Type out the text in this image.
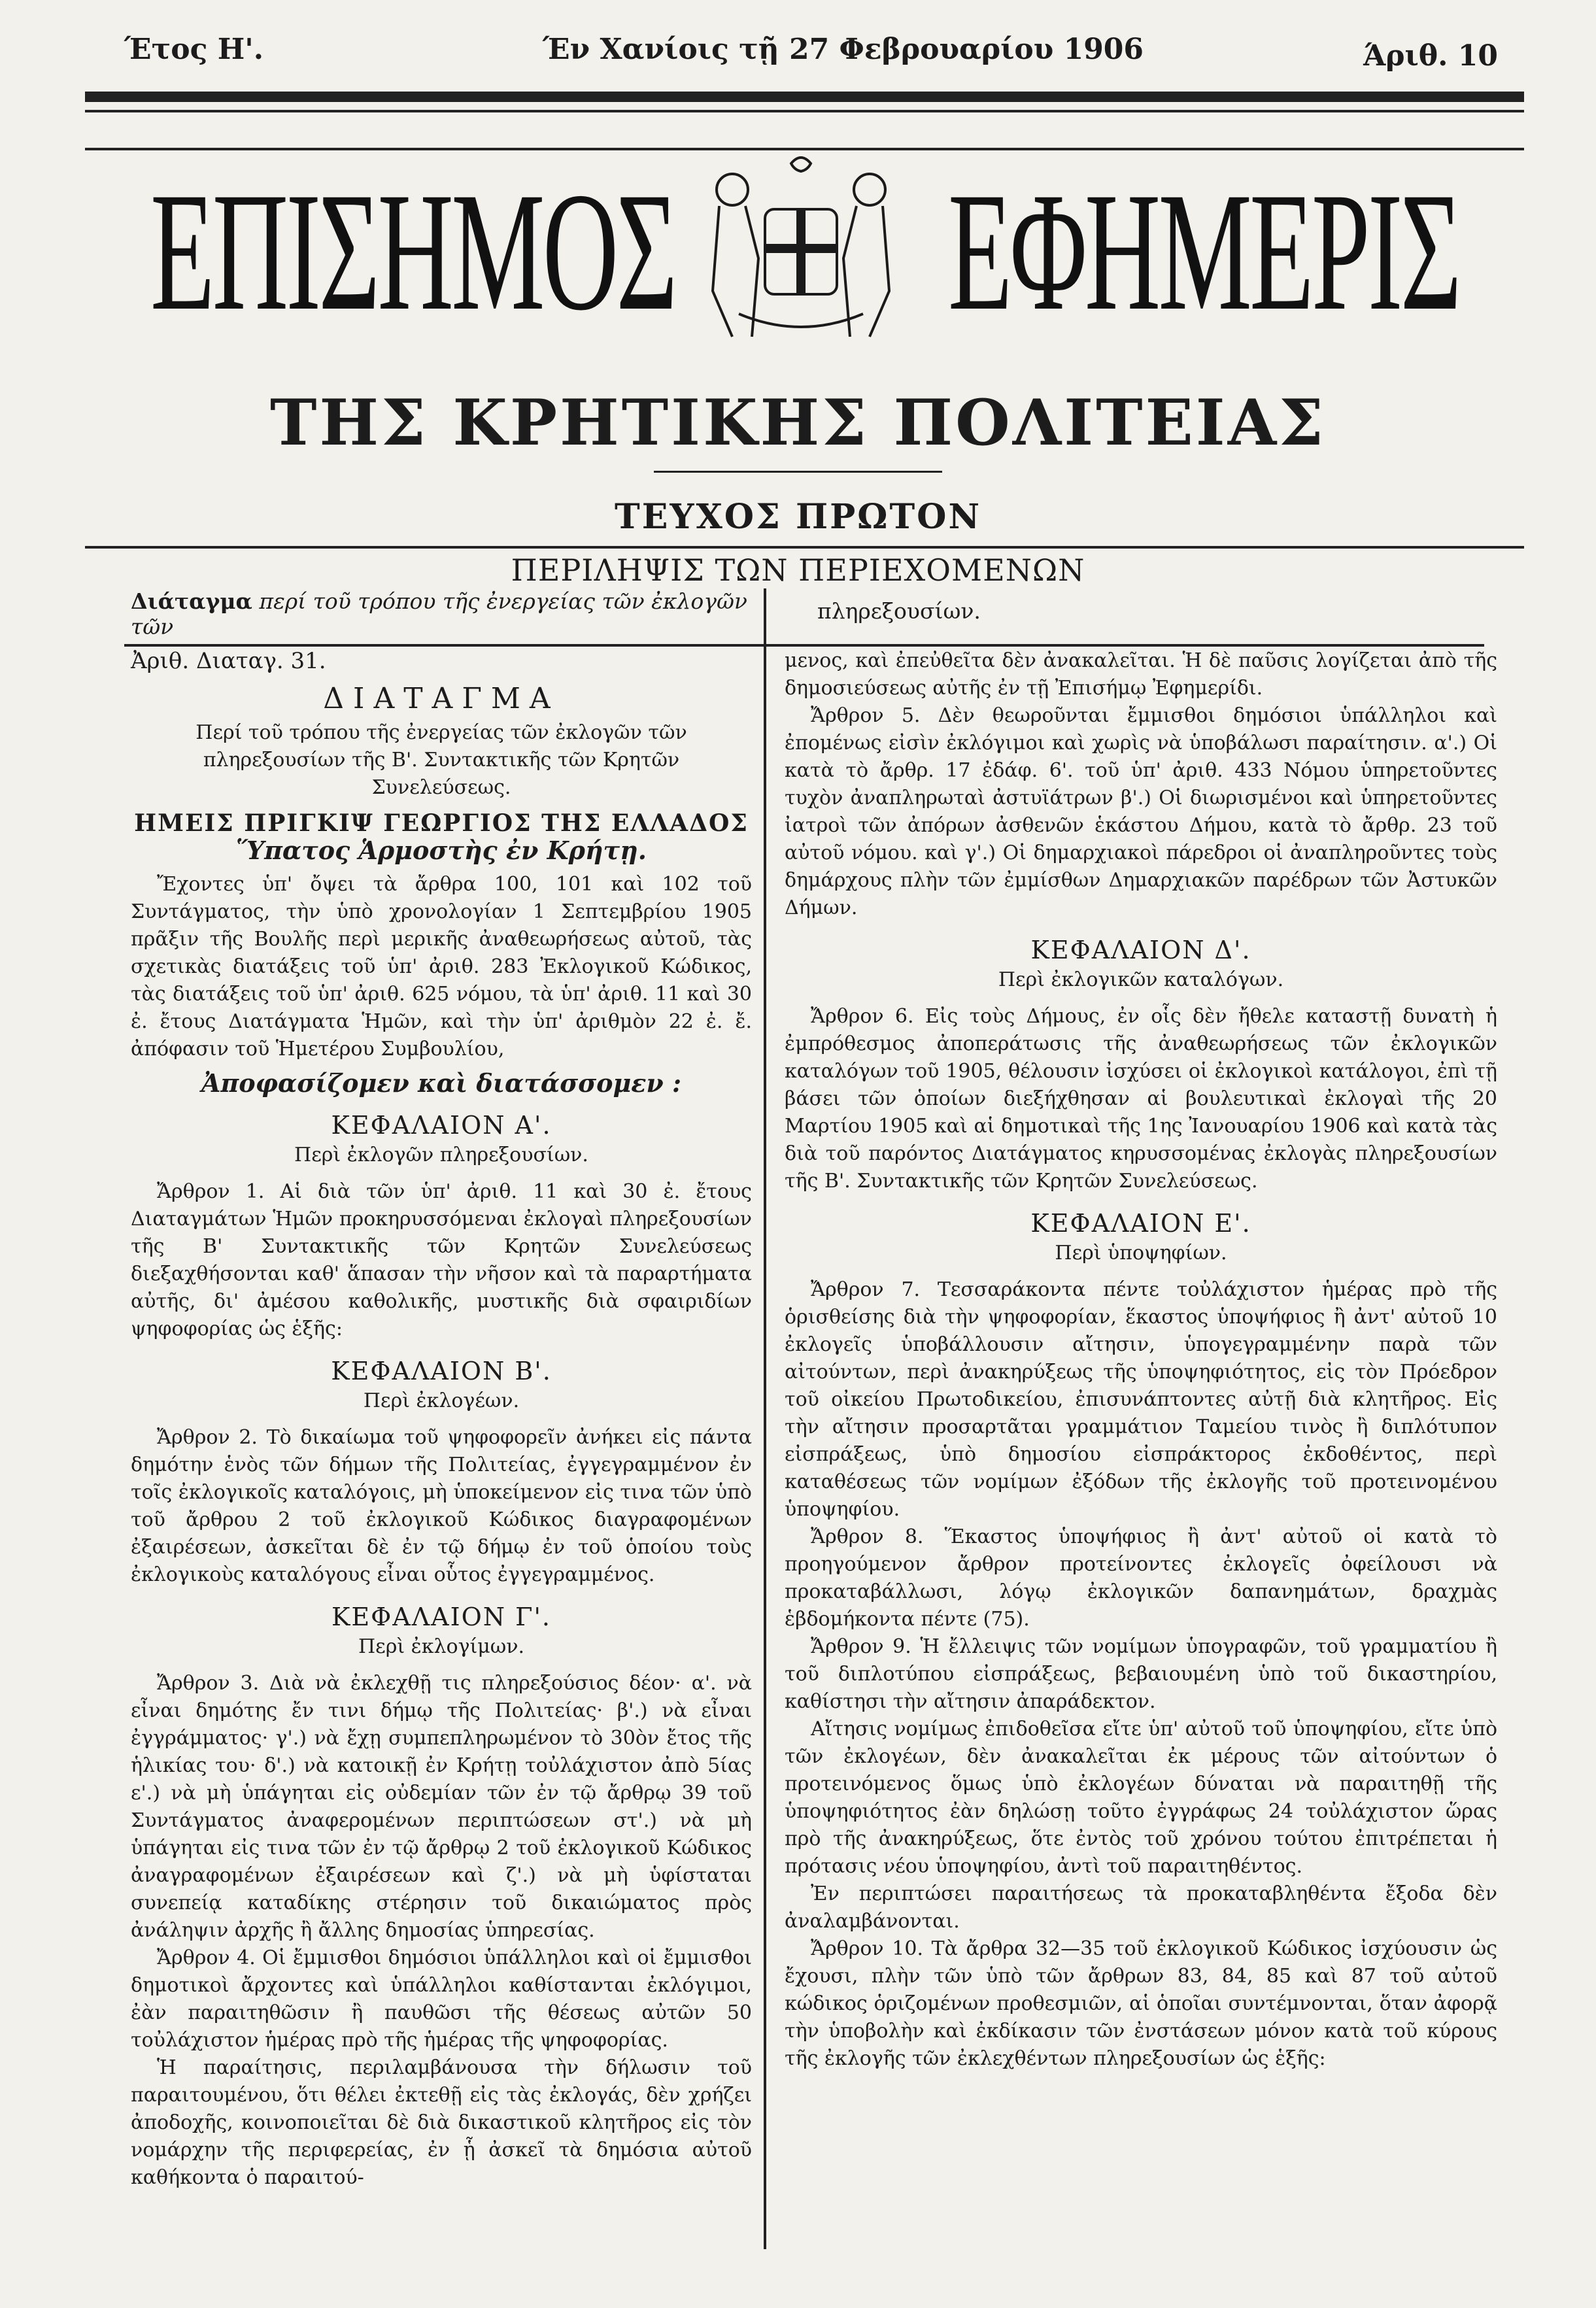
Έτος Η'.	Έν Χανίοις τῇ 27 Φεβρουαρίου 1906	Άριθ. 10
ΕΠΙΣΗΜΟΣ ΕΦΗΜΕΡΙΣ
ΤΗΣ ΚΡΗΤΙΚΗΣ ΠΟΛΙΤΕΙΑΣ
ΤΕΥΧΟΣ ΠΡΩΤΟΝ
ΠΕΡΙΛΗΨΙΣ ΤΩΝ ΠΕΡΙΕΧΟΜΕΝΩΝ
Διάταγμα περί τοῦ τρόπου τῆς ἐνεργείας τῶν ἐκλογῶν τῶν
πληρεξουσίων.

Ἀριθ. Διαταγ. 31.

ΔΙΑΤΑΓΜΑ

Περί τοῦ τρόπου τῆς ἐνεργείας τῶν ἐκλογῶν τῶν πληρεξουσίων τῆς Β'. Συντακτικῆς τῶν Κρητῶν Συνελεύσεως.

ΗΜΕΙΣ ΠΡΙΓΚΙΨ ΓΕΩΡΓΙΟΣ ΤΗΣ ΕΛΛΑΔΟΣ

Ὕπατος Ἁρμοστὴς ἐν Κρήτῃ.

Ἔχοντες ὑπ' ὄψει τὰ ἄρθρα 100, 101 καὶ 102 τοῦ Συντάγματος, τὴν ὑπὸ χρονολογίαν 1 Σεπτεμβρίου 1905 πρᾶξιν τῆς Βουλῆς περὶ μερικῆς ἀναθεωρήσεως αὐτοῦ, τὰς σχετικὰς διατάξεις τοῦ ὑπ' ἀριθ. 283 Ἐκλογικοῦ Κώδικος, τὰς διατάξεις τοῦ ὑπ' ἀριθ. 625 νόμου, τὰ ὑπ' ἀριθ. 11 καὶ 30 ἐ. ἔτους Διατάγματα Ἡμῶν, καὶ τὴν ὑπ' ἀριθμὸν 22 ἐ. ἔ. ἀπόφασιν τοῦ Ἡμετέρου Συμβουλίου,

Ἀποφασίζομεν καὶ διατάσσομεν :

ΚΕΦΑΛΑΙΟΝ Α'.

Περὶ ἐκλογῶν πληρεξουσίων.

Ἄρθρον 1. Αἱ διὰ τῶν ὑπ' ἀριθ. 11 καὶ 30 ἐ. ἔτους Διαταγμάτων Ἡμῶν προκηρυσσόμεναι ἐκλογαὶ πληρεξουσίων τῆς Β' Συντακτικῆς τῶν Κρητῶν Συνελεύσεως διεξαχθήσονται καθ' ἅπασαν τὴν νῆσον καὶ τὰ παραρτήματα αὐτῆς, δι' ἀμέσου καθολικῆς, μυστικῆς διὰ σφαιριδίων ψηφοφορίας ὡς ἑξῆς:

ΚΕΦΑΛΑΙΟΝ Β'.

Περὶ ἐκλογέων.

Ἄρθρον 2. Τὸ δικαίωμα τοῦ ψηφοφορεῖν ἀνήκει εἰς πάντα δημότην ἑνὸς τῶν δήμων τῆς Πολιτείας, ἐγγεγραμμένον ἐν τοῖς ἐκλογικοῖς καταλόγοις, μὴ ὑποκείμενον εἰς τινα τῶν ὑπὸ τοῦ ἄρθρου 2 τοῦ ἐκλογικοῦ Κώδικος διαγραφομένων ἐξαιρέσεων, ἀσκεῖται δὲ ἐν τῷ δήμῳ ἐν τοῦ ὁποίου τοὺς ἐκλογικοὺς καταλόγους εἶναι οὗτος ἐγγεγραμμένος.

ΚΕΦΑΛΑΙΟΝ Γ'.

Περὶ ἐκλογίμων.

Ἄρθρον 3. Διὰ νὰ ἐκλεχθῇ τις πληρεξούσιος δέον· α'. νὰ εἶναι δημότης ἔν τινι δήμῳ τῆς Πολιτείας· β'.) νὰ εἶναι ἐγγράμματος· γ'.) νὰ ἔχῃ συμπεπληρωμένον τὸ 30ὸν ἔτος τῆς ἡλικίας του· δ'.) νὰ κατοικῇ ἐν Κρήτῃ τοὐλάχιστον ἀπὸ 5ίας ε'.) νὰ μὴ ὑπάγηται εἰς οὐδεμίαν τῶν ἐν τῷ ἄρθρῳ 39 τοῦ Συντάγματος ἀναφερομένων περιπτώσεων στ'.) νὰ μὴ ὑπάγηται εἰς τινα τῶν ἐν τῷ ἄρθρῳ 2 τοῦ ἐκλογικοῦ Κώδικος ἀναγραφομένων ἐξαιρέσεων καὶ ζ'.) νὰ μὴ ὑφίσταται συνεπείᾳ καταδίκης στέρησιν τοῦ δικαιώματος πρὸς ἀνάληψιν ἀρχῆς ἢ ἄλλης δημοσίας ὑπηρεσίας.

Ἄρθρον 4. Οἱ ἔμμισθοι δημόσιοι ὑπάλληλοι καὶ οἱ ἔμμισθοι δημοτικοὶ ἄρχοντες καὶ ὑπάλληλοι καθίστανται ἐκλόγιμοι, ἐὰν παραιτηθῶσιν ἢ παυθῶσι τῆς θέσεως αὐτῶν 50 τοὐλάχιστον ἡμέρας πρὸ τῆς ἡμέρας τῆς ψηφοφορίας.

Ἡ παραίτησις, περιλαμβάνουσα τὴν δήλωσιν τοῦ παραιτουμένου, ὅτι θέλει ἐκτεθῇ εἰς τὰς ἐκλογάς, δὲν χρήζει ἀποδοχῆς, κοινοποιεῖται δὲ διὰ δικαστικοῦ κλητῆρος εἰς τὸν νομάρχην τῆς περιφερείας, ἐν ᾗ ἀσκεῖ τὰ δημόσια αὐτοῦ καθήκοντα ὁ παραιτού-

μενος, καὶ ἐπεὐθεῖτα δὲν ἀνακαλεῖται. Ἡ δὲ παῦσις λογίζεται ἀπὸ τῆς δημοσιεύσεως αὐτῆς ἐν τῇ Ἐπισήμῳ Ἐφημερίδι.

Ἄρθρον 5. Δὲν θεωροῦνται ἔμμισθοι δημόσιοι ὑπάλληλοι καὶ ἐπομένως εἰσὶν ἐκλόγιμοι καὶ χωρὶς νὰ ὑποβάλωσι παραίτησιν. α'.) Οἱ κατὰ τὸ ἄρθρ. 17 ἐδάφ. 6'. τοῦ ὑπ' ἀριθ. 433 Νόμου ὑπηρετοῦντες τυχὸν ἀναπληρωταὶ ἀστυϊάτρων β'.) Οἱ διωρισμένοι καὶ ὑπηρετοῦντες ἰατροὶ τῶν ἀπόρων ἀσθενῶν ἑκάστου Δήμου, κατὰ τὸ ἄρθρ. 23 τοῦ αὐτοῦ νόμου. καὶ γ'.) Οἱ δημαρχιακοὶ πάρεδροι οἱ ἀναπληροῦντες τοὺς δημάρχους πλὴν τῶν ἐμμίσθων Δημαρχιακῶν παρέδρων τῶν Ἀστυκῶν Δήμων.

ΚΕΦΑΛΑΙΟΝ Δ'.

Περὶ ἐκλογικῶν καταλόγων.

Ἄρθρον 6. Εἰς τοὺς Δήμους, ἐν οἷς δὲν ἤθελε καταστῇ δυνατὴ ἡ ἐμπρόθεσμος ἀποπεράτωσις τῆς ἀναθεωρήσεως τῶν ἐκλογικῶν καταλόγων τοῦ 1905, θέλουσιν ἰσχύσει οἱ ἐκλογικοὶ κατάλογοι, ἐπὶ τῇ βάσει τῶν ὁποίων διεξήχθησαν αἱ βουλευτικαὶ ἐκλογαὶ τῆς 20 Μαρτίου 1905 καὶ αἱ δημοτικαὶ τῆς 1ης Ἰανουαρίου 1906 καὶ κατὰ τὰς διὰ τοῦ παρόντος Διατάγματος κηρυσσομένας ἐκλογὰς πληρεξουσίων τῆς Β'. Συντακτικῆς τῶν Κρητῶν Συνελεύσεως.

ΚΕΦΑΛΑΙΟΝ Ε'.

Περὶ ὑποψηφίων.

Ἄρθρον 7. Τεσσαράκοντα πέντε τοὐλάχιστον ἡμέρας πρὸ τῆς ὁρισθείσης διὰ τὴν ψηφοφορίαν, ἕκαστος ὑποψήφιος ἢ ἀντ' αὐτοῦ 10 ἐκλογεῖς ὑποβάλλουσιν αἴτησιν, ὑπογεγραμμένην παρὰ τῶν αἰτούντων, περὶ ἀνακηρύξεως τῆς ὑποψηφιότητος, εἰς τὸν Πρόεδρον τοῦ οἰκείου Πρωτοδικείου, ἐπισυνάπτοντες αὐτῇ διὰ κλητῆρος. Εἰς τὴν αἴτησιν προσαρτᾶται γραμμάτιον Ταμείου τινὸς ἢ διπλότυπον εἰσπράξεως, ὑπὸ δημοσίου εἰσπράκτορος ἐκδοθέντος, περὶ καταθέσεως τῶν νομίμων ἐξόδων τῆς ἐκλογῆς τοῦ προτεινομένου ὑποψηφίου.

Ἄρθρον 8. Ἕκαστος ὑποψήφιος ἢ ἀντ' αὐτοῦ οἱ κατὰ τὸ προηγούμενον ἄρθρον προτείνοντες ἐκλογεῖς ὀφείλουσι νὰ προκαταβάλλωσι, λόγῳ ἐκλογικῶν δαπανημάτων, δραχμὰς ἑβδομήκοντα πέντε (75).

Ἄρθρον 9. Ἡ ἔλλειψις τῶν νομίμων ὑπογραφῶν, τοῦ γραμματίου ἢ τοῦ διπλοτύπου εἰσπράξεως, βεβαιουμένη ὑπὸ τοῦ δικαστηρίου, καθίστησι τὴν αἴτησιν ἀπαράδεκτον.

Αἴτησις νομίμως ἐπιδοθεῖσα εἴτε ὑπ' αὐτοῦ τοῦ ὑποψηφίου, εἴτε ὑπὸ τῶν ἐκλογέων, δὲν ἀνακαλεῖται ἐκ μέρους τῶν αἰτούντων ὁ προτεινόμενος ὅμως ὑπὸ ἐκλογέων δύναται νὰ παραιτηθῇ τῆς ὑποψηφιότητος ἐὰν δηλώσῃ τοῦτο ἐγγράφως 24 τοὐλάχιστον ὥρας πρὸ τῆς ἀνακηρύξεως, ὅτε ἐντὸς τοῦ χρόνου τούτου ἐπιτρέπεται ἡ πρότασις νέου ὑποψηφίου, ἀντὶ τοῦ παραιτηθέντος.

Ἐν περιπτώσει παραιτήσεως τὰ προκαταβληθέντα ἔξοδα δὲν ἀναλαμβάνονται.

Ἄρθρον 10. Τὰ ἄρθρα 32—35 τοῦ ἐκλογικοῦ Κώδικος ἰσχύουσιν ὡς ἔχουσι, πλὴν τῶν ὑπὸ τῶν ἄρθρων 83, 84, 85 καὶ 87 τοῦ αὐτοῦ κώδικος ὁριζομένων προθεσμιῶν, αἱ ὁποῖαι συντέμνονται, ὅταν ἀφορᾷ τὴν ὑποβολὴν καὶ ἐκδίκασιν τῶν ἐνστάσεων μόνον κατὰ τοῦ κύρους τῆς ἐκλογῆς τῶν ἐκλεχθέντων πληρεξουσίων ὡς ἑξῆς:
